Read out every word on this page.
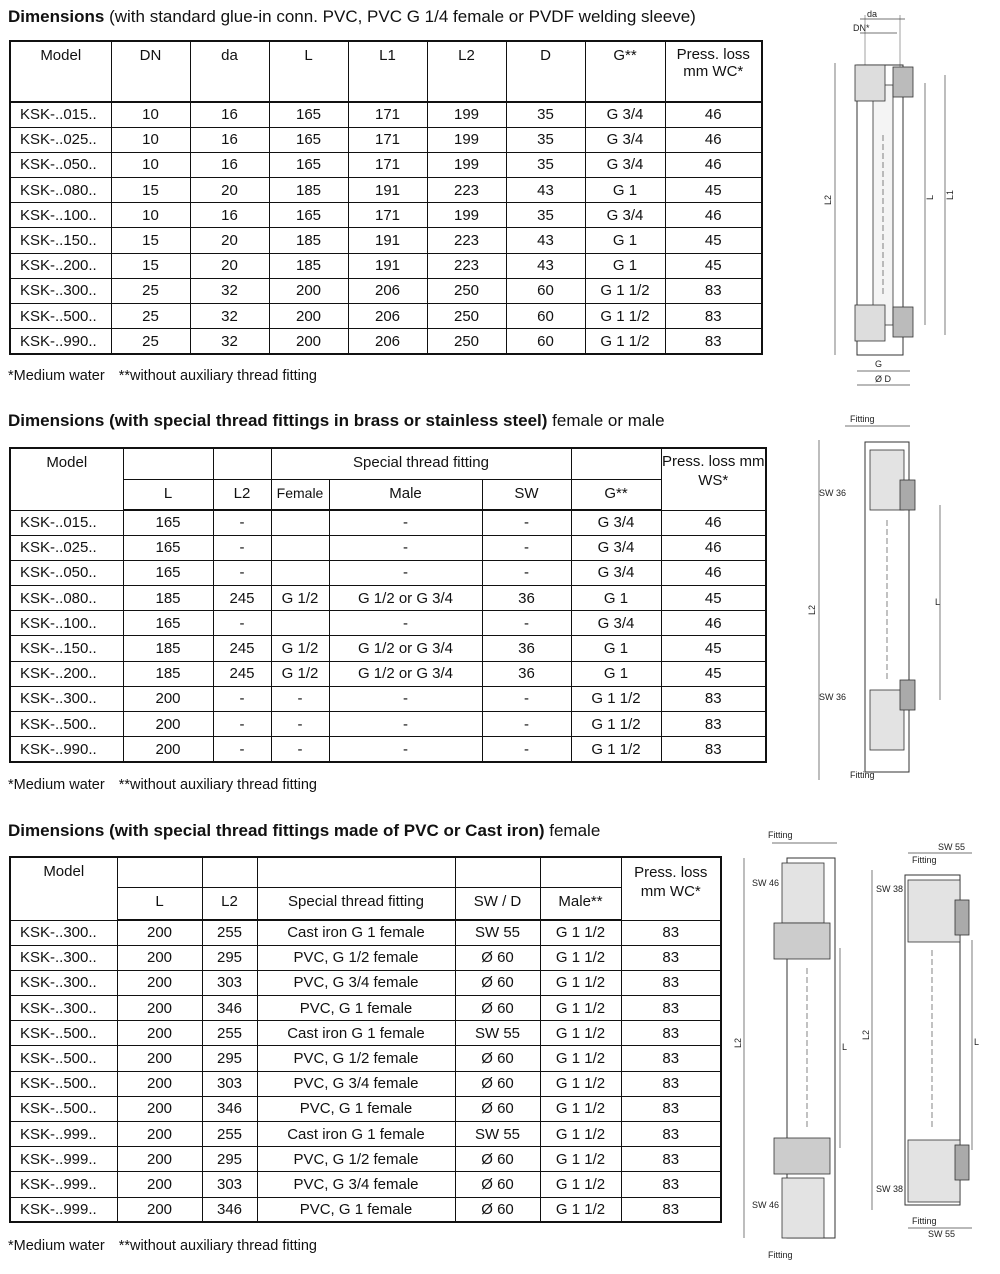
Dimensions (with standard glue-in conn. PVC, PVC G 1/4 female or PVDF welding sleeve)
Model	DN	da	L	L1	L2	D	G**	Press. loss mm WC*
KSK-..015..	10	16	165	171	199	35	G 3/4	46
KSK-..025..	10	16	165	171	199	35	G 3/4	46
KSK-..050..	10	16	165	171	199	35	G 3/4	46
KSK-..080..	15	20	185	191	223	43	G 1	45
KSK-..100..	10	16	165	171	199	35	G 3/4	46
KSK-..150..	15	20	185	191	223	43	G 1	45
KSK-..200..	15	20	185	191	223	43	G 1	45
KSK-..300..	25	32	200	206	250	60	G 1 1/2	83
KSK-..500..	25	32	200	206	250	60	G 1 1/2	83
KSK-..990..	25	32	200	206	250	60	G 1 1/2	83
*Medium water **without auxiliary thread fitting
da
DN*
L2	L L1
G
Ø D
Dimensions (with special thread fittings in brass or stainless steel) female or male
Model			Special thread fitting				Press. loss mm WS*
	L	L2	Female	Male	SW	G**	
KSK-..015..	165	-		-	-	G 3/4	46
KSK-..025..	165	-		-	-	G 3/4	46
KSK-..050..	165	-		-	-	G 3/4	46
KSK-..080..	185	245	G 1/2	G 1/2 or G 3/4	36	G 1	45
KSK-..100..	165	-		-	-	G 3/4	46
KSK-..150..	185	245	G 1/2	G 1/2 or G 3/4	36	G 1	45
KSK-..200..	185	245	G 1/2	G 1/2 or G 3/4	36	G 1	45
KSK-..300..	200	-	-	-	-	G 1 1/2	83
KSK-..500..	200	-	-	-	-	G 1 1/2	83
KSK-..990..	200	-	-	-	-	G 1 1/2	83
*Medium water **without auxiliary thread fitting
Fitting
SW 36
L2
L
SW 36
Fitting
Dimensions (with special thread fittings made of PVC or Cast iron) female
Model						Press. loss mm WC*
	L	L2	Special thread fitting	SW / D	Male**	
KSK-..300..	200	255	Cast iron G 1 female	SW 55	G 1 1/2	83
KSK-..300..	200	295	PVC, G 1/2 female	Ø 60	G 1 1/2	83
KSK-..300..	200	303	PVC, G 3/4 female	Ø 60	G 1 1/2	83
KSK-..300..	200	346	PVC, G 1 female	Ø 60	G 1 1/2	83
KSK-..500..	200	255	Cast iron G 1 female	SW 55	G 1 1/2	83
KSK-..500..	200	295	PVC, G 1/2 female	Ø 60	G 1 1/2	83
KSK-..500..	200	303	PVC, G 3/4 female	Ø 60	G 1 1/2	83
KSK-..500..	200	346	PVC, G 1 female	Ø 60	G 1 1/2	83
KSK-..999..	200	255	Cast iron G 1 female	SW 55	G 1 1/2	83
KSK-..999..	200	295	PVC, G 1/2 female	Ø 60	G 1 1/2	83
KSK-..999..	200	303	PVC, G 3/4 female	Ø 60	G 1 1/2	83
KSK-..999..	200	346	PVC, G 1 female	Ø 60	G 1 1/2	83
*Medium water **without auxiliary thread fitting
Fitting
SW 46
L2	L
SW 46
Fitting
SW 55
Fitting
SW 38
L2
L
SW 38
Fitting
SW 55
